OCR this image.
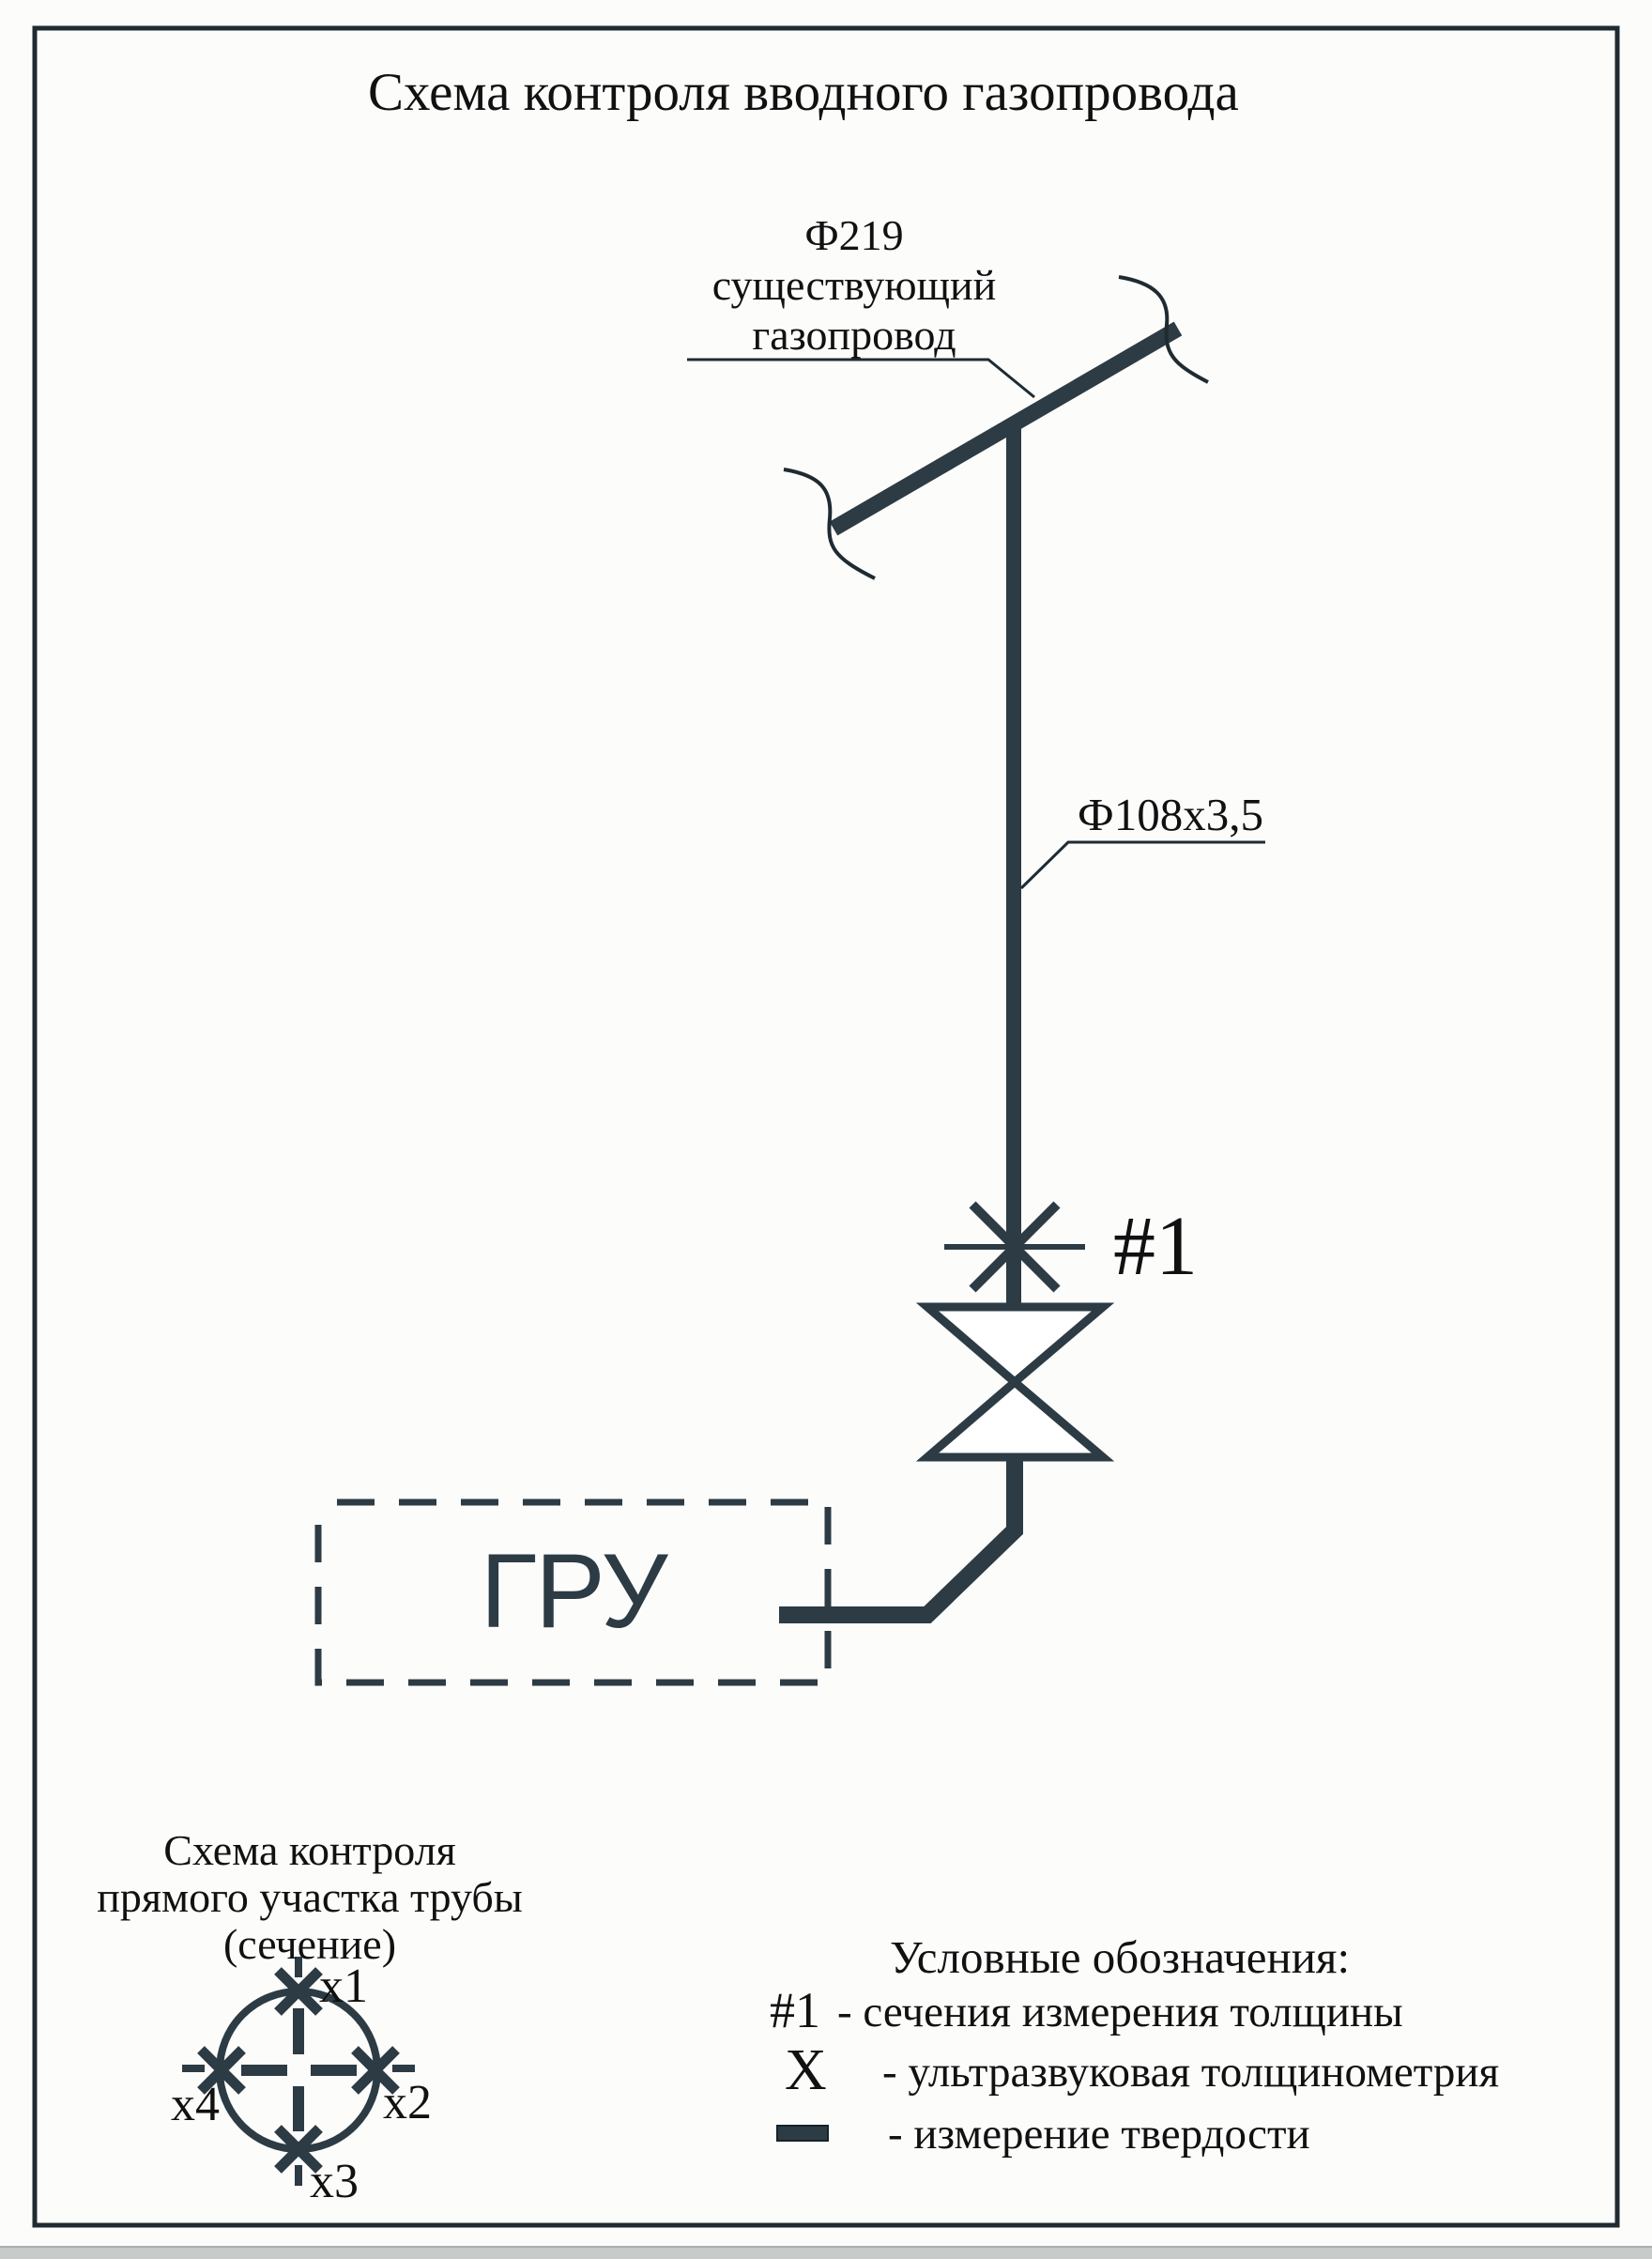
Схема контроля вводного газопровода
Ф219
существующий
газопровод
Ф108х3,5
#1
ГРУ
Схема контроля
прямого участка трубы
(сечение)
x1
x2
x3
x4
Условные обозначения:
#1 - сечения измерения толщины
X - ультразвуковая толщинометрия
- измерение твердости
